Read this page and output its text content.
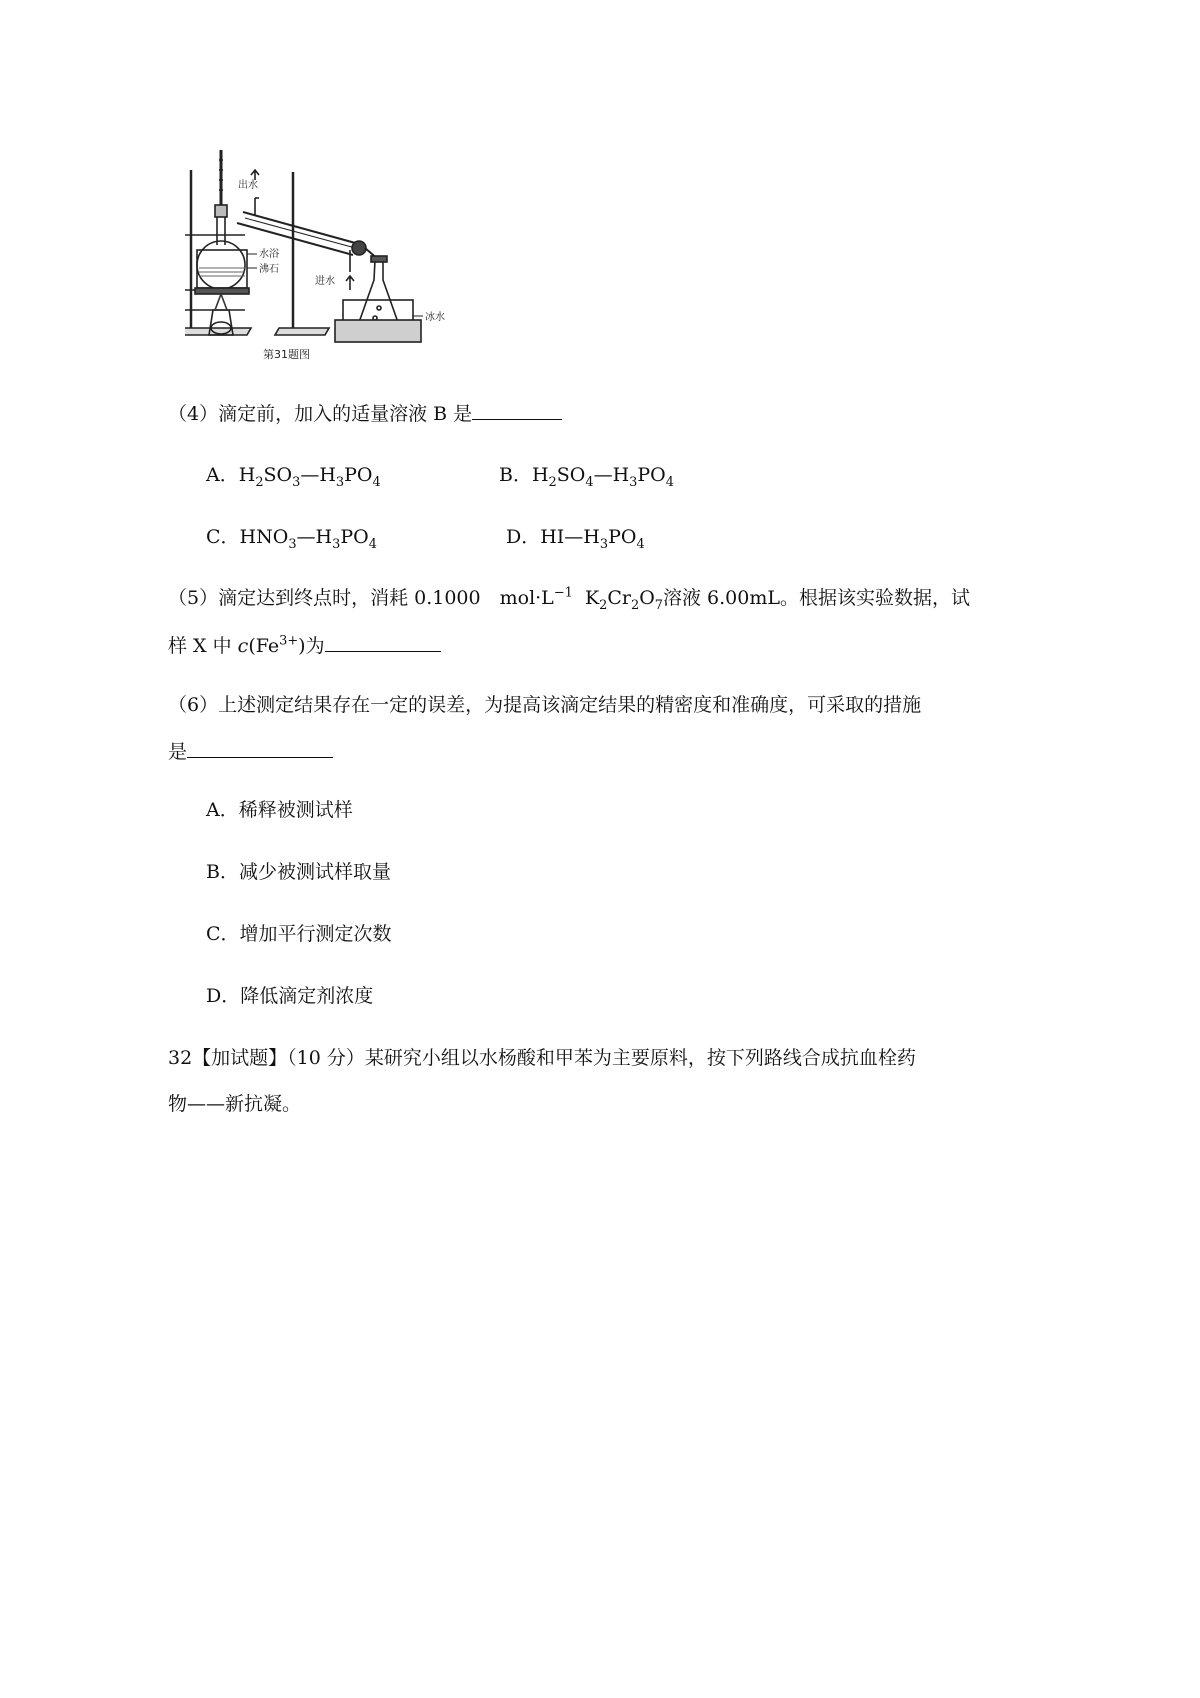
出水
水浴
沸石
进水
冰水
第31题图
（4）滴定前，加入的适量溶液 B 是
A．$H_2SO_3—H_3PO_4$	B．$H_2SO_4—H_3PO_4$
C．$HNO_3—H_3PO_4$	D．$HI—H_3PO_4$
（5）滴定达到终点时，消耗 0.1000　$mol\cdot L^{-1}$ $K_2Cr_2O_7$溶液 6.00mL。根据该实验数据，试
样 X 中 $c(Fe^{3+})$为
（6）上述测定结果存在一定的误差，为提高该滴定结果的精密度和准确度，可采取的措施
是
A．稀释被测试样
B．减少被测试样取量
C．增加平行测定次数
D．降低滴定剂浓度
32【加试题】（10 分）某研究小组以水杨酸和甲苯为主要原料，按下列路线合成抗血栓药
物——新抗凝。
